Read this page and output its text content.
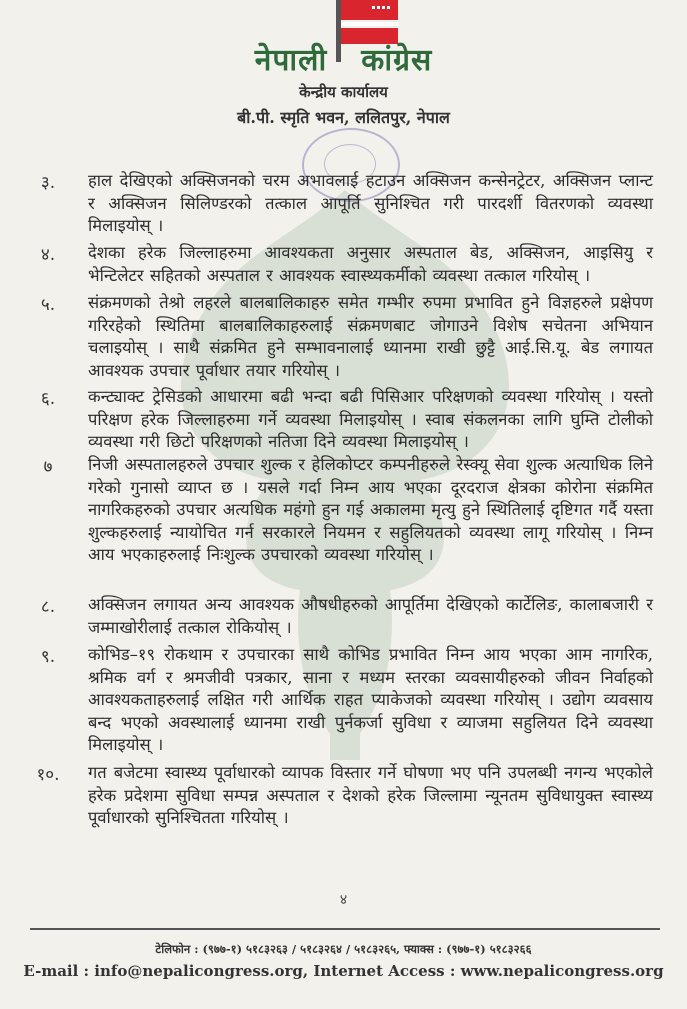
नेपाली कांग्रेस
केन्द्रीय कार्यालय
बी.पी. स्मृति भवन, ललितपुर, नेपाल
३.	हाल देखिएको अक्सिजनको चरम अभावलाई हटाउन अक्सिजन कन्सेनट्रेटर, अक्सिजन प्लान्ट र अक्सिजन सिलिण्डरको तत्काल आपूर्ति सुनिश्चित गरी पारदर्शी वितरणको व्यवस्था मिलाइयोस् ।
४.	देशका हरेक जिल्लाहरुमा आवश्यकता अनुसार अस्पताल बेड, अक्सिजन, आइसियु र भेन्टिलेटर सहितको अस्पताल र आवश्यक स्वास्थ्यकर्मीको व्यवस्था तत्काल गरियोस् ।
५.	संक्रमणको तेश्रो लहरले बालबालिकाहरु समेत गम्भीर रुपमा प्रभावित हुने विज्ञहरुले प्रक्षेपण गरिरहेको स्थितिमा बालबालिकाहरुलाई संक्रमणबाट जोगाउने विशेष सचेतना अभियान चलाइयोस् । साथै संक्रमित हुने सम्भावनालाई ध्यानमा राखी छुट्टै आई.सि.यू. बेड लगायत आवश्यक उपचार पूर्वाधार तयार गरियोस् ।
६.	कन्ट्याक्ट ट्रेसिडको आधारमा बढी भन्दा बढी पिसिआर परिक्षणको व्यवस्था गरियोस् । यस्तो परिक्षण हरेक जिल्लाहरुमा गर्ने व्यवस्था मिलाइयोस् । स्वाब संकलनका लागि घुम्ति टोलीको व्यवस्था गरी छिटो परिक्षणको नतिजा दिने व्यवस्था मिलाइयोस् ।
७	निजी अस्पतालहरुले उपचार शुल्क र हेलिकोप्टर कम्पनीहरुले रेस्क्यू सेवा शुल्क अत्याधिक लिने गरेको गुनासो व्याप्त छ । यसले गर्दा निम्न आय भएका दूरदराज क्षेत्रका कोरोना संक्रमित नागरिकहरुको उपचार अत्यधिक महंगो हुन गई अकालमा मृत्यु हुने स्थितिलाई दृष्टिगत गर्दै यस्ता शुल्कहरुलाई न्यायोचित गर्न सरकारले नियमन र सहुलियतको व्यवस्था लागू गरियोस् । निम्न आय भएकाहरुलाई निःशुल्क उपचारको व्यवस्था गरियोस् ।
८.	अक्सिजन लगायत अन्य आवश्यक औषधीहरुको आपूर्तिमा देखिएको कार्टेलिङ, कालाबजारी र जम्माखोरीलाई तत्काल रोकियोस् ।
९.	कोभिड–१९ रोकथाम र उपचारका साथै कोभिड प्रभावित निम्न आय भएका आम नागरिक, श्रमिक वर्ग र श्रमजीवी पत्रकार, साना र मध्यम स्तरका व्यवसायीहरुको जीवन निर्वाहको आवश्यकताहरुलाई लक्षित गरी आर्थिक राहत प्याकेजको व्यवस्था गरियोस् । उद्योग व्यवसाय बन्द भएको अवस्थालाई ध्यानमा राखी पुर्नकर्जा सुविधा र व्याजमा सहुलियत दिने व्यवस्था मिलाइयोस् ।
१०.	गत बजेटमा स्वास्थ्य पूर्वाधारको व्यापक विस्तार गर्ने घोषणा भए पनि उपलब्धी नगन्य भएकोले हरेक प्रदेशमा सुविधा सम्पन्न अस्पताल र देशको हरेक जिल्लामा न्यूनतम सुविधायुक्त स्वास्थ्य पूर्वाधारको सुनिश्चितता गरियोस् ।
४
टेलिफोन : (९७७-१) ५१८३२६३ / ५१८३२६४ / ५१८३२६५, फ्याक्स : (९७७-१) ५१८३२६६
E-mail : info@nepalicongress.org, Internet Access : www.nepalicongress.org
